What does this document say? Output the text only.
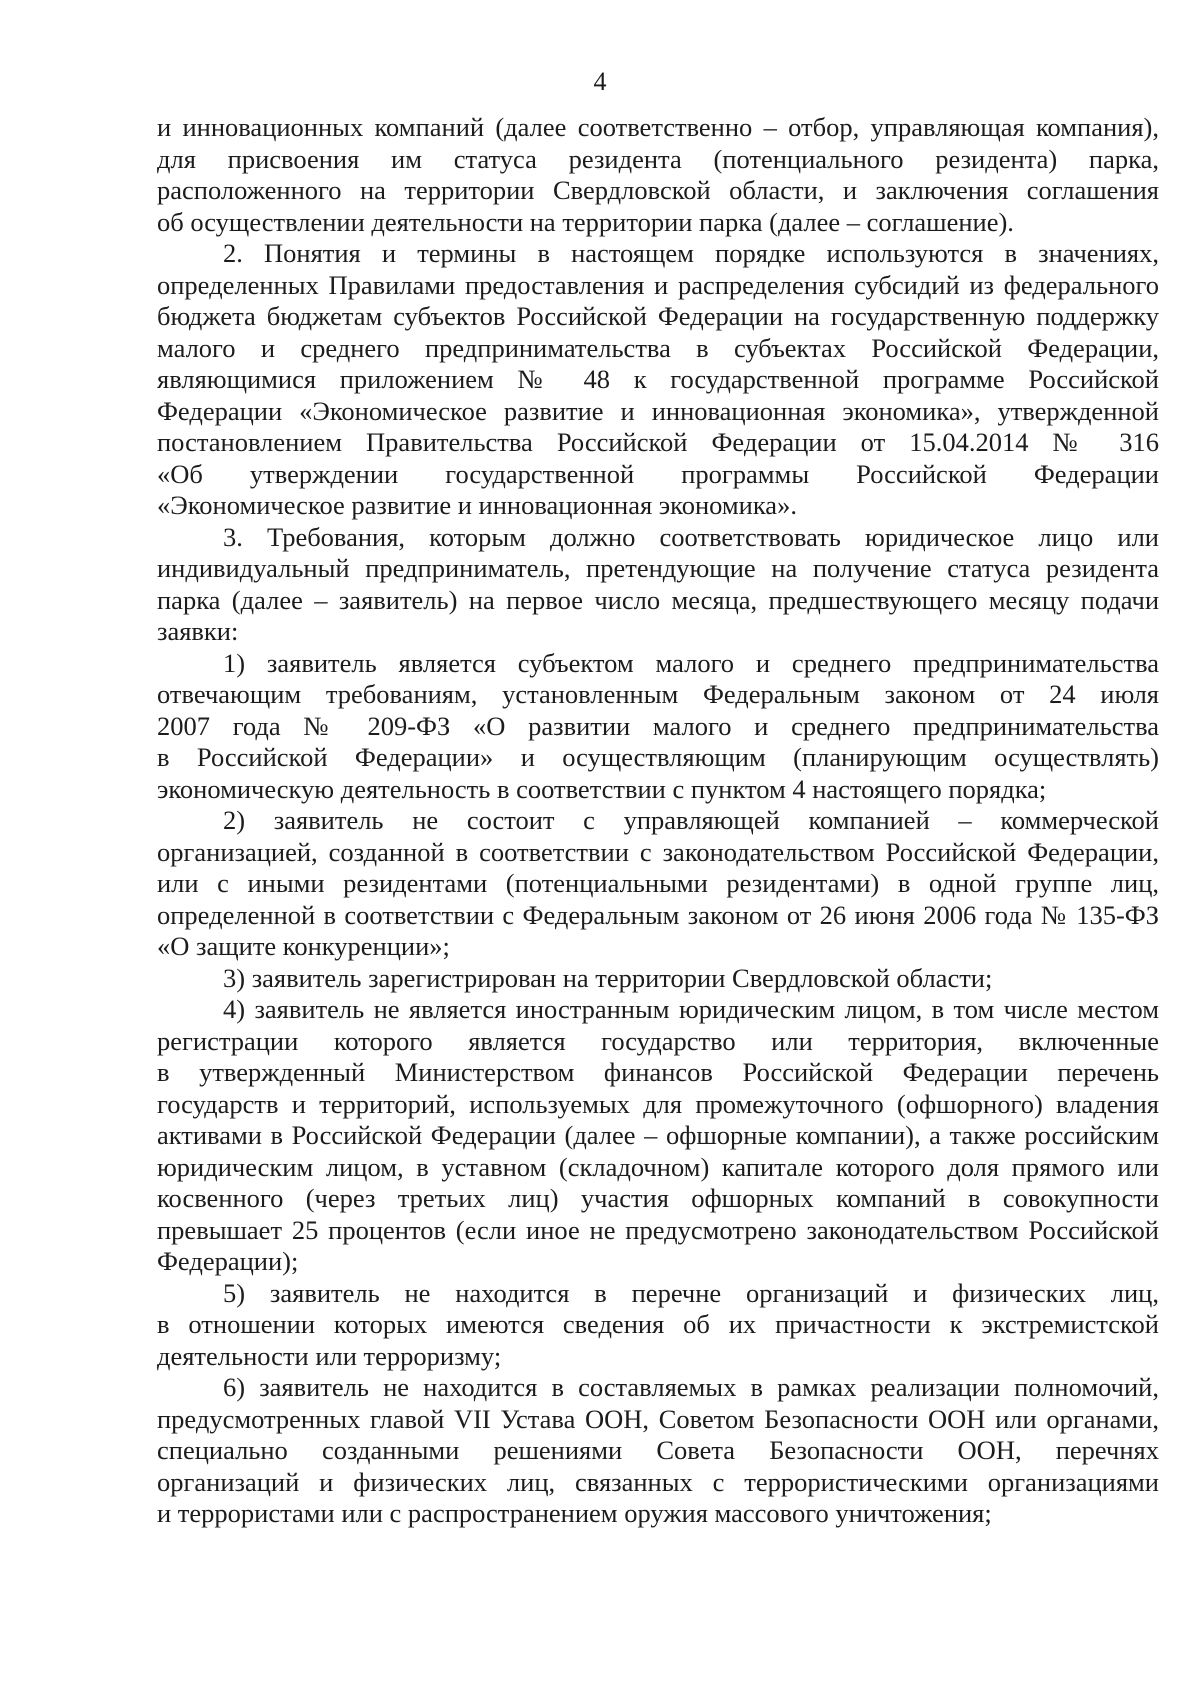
4
и инновационных компаний (далее соответственно – отбор, управляющая компания),
для присвоения им статуса резидента (потенциального резидента) парка,
расположенного на территории Свердловской области, и заключения соглашения
об осуществлении деятельности на территории парка (далее – соглашение).
2. Понятия и термины в настоящем порядке используются в значениях,
определенных Правилами предоставления и распределения субсидий из федерального
бюджета бюджетам субъектов Российской Федерации на государственную поддержку
малого и среднего предпринимательства в субъектах Российской Федерации,
являющимися приложением № 48 к государственной программе Российской
Федерации «Экономическое развитие и инновационная экономика», утвержденной
постановлением Правительства Российской Федерации от 15.04.2014 № 316
«Об утверждении государственной программы Российской Федерации
«Экономическое развитие и инновационная экономика».
3. Требования, которым должно соответствовать юридическое лицо или
индивидуальный предприниматель, претендующие на получение статуса резидента
парка (далее – заявитель) на первое число месяца, предшествующего месяцу подачи
заявки:
1) заявитель является субъектом малого и среднего предпринимательства
отвечающим требованиям, установленным Федеральным законом от 24 июля
2007 года № 209-ФЗ «О развитии малого и среднего предпринимательства
в Российской Федерации» и осуществляющим (планирующим осуществлять)
экономическую деятельность в соответствии с пунктом 4 настоящего порядка;
2) заявитель не состоит с управляющей компанией – коммерческой
организацией, созданной в соответствии с законодательством Российской Федерации,
или с иными резидентами (потенциальными резидентами) в одной группе лиц,
определенной в соответствии с Федеральным законом от 26 июня 2006 года № 135-ФЗ
«О защите конкуренции»;
3) заявитель зарегистрирован на территории Свердловской области;
4) заявитель не является иностранным юридическим лицом, в том числе местом
регистрации которого является государство или территория, включенные
в утвержденный Министерством финансов Российской Федерации перечень
государств и территорий, используемых для промежуточного (офшорного) владения
активами в Российской Федерации (далее – офшорные компании), а также российским
юридическим лицом, в уставном (складочном) капитале которого доля прямого или
косвенного (через третьих лиц) участия офшорных компаний в совокупности
превышает 25 процентов (если иное не предусмотрено законодательством Российской
Федерации);
5) заявитель не находится в перечне организаций и физических лиц,
в отношении которых имеются сведения об их причастности к экстремистской
деятельности или терроризму;
6) заявитель не находится в составляемых в рамках реализации полномочий,
предусмотренных главой VII Устава ООН, Советом Безопасности ООН или органами,
специально созданными решениями Совета Безопасности ООН, перечнях
организаций и физических лиц, связанных с террористическими организациями
и террористами или с распространением оружия массового уничтожения;
